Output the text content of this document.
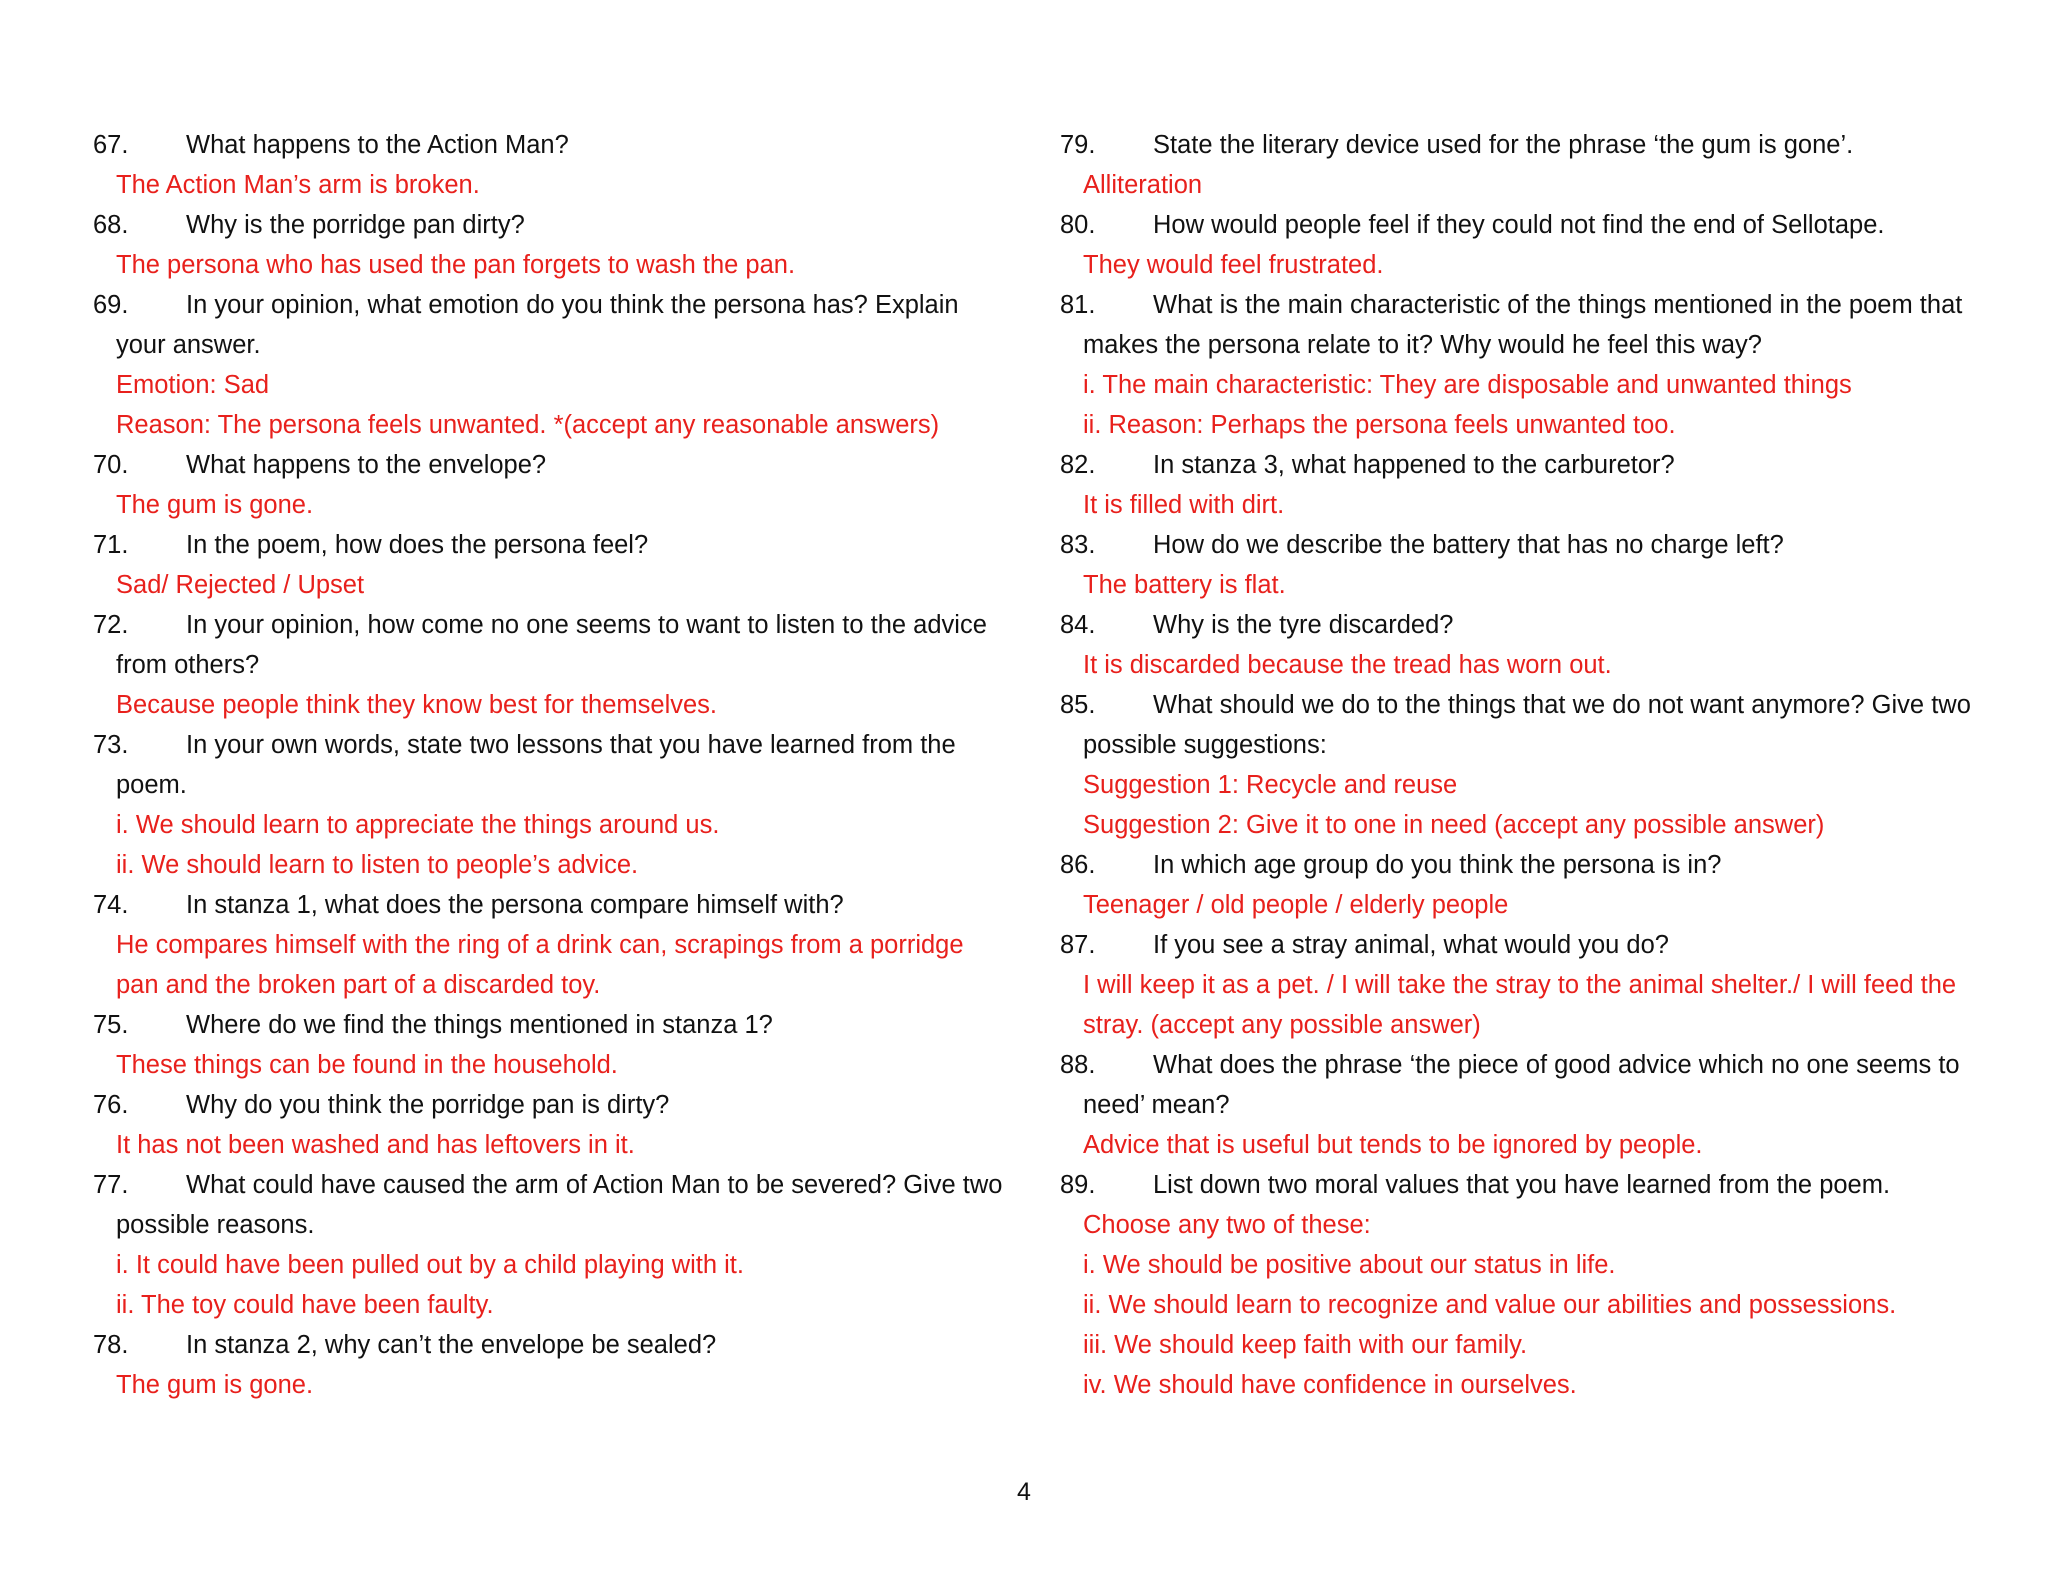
67.	What happens to the Action Man?
The Action Man’s arm is broken.
68.	Why is the porridge pan dirty?
The persona who has used the pan forgets to wash the pan.
69.	In your opinion, what emotion do you think the persona has? Explain your answer.
Emotion: Sad
Reason: The persona feels unwanted. *(accept any reasonable answers)
70.	What happens to the envelope?
The gum is gone.
71.	In the poem, how does the persona feel?
Sad/ Rejected / Upset
72.	In your opinion, how come no one seems to want to listen to the advice from others?
Because people think they know best for themselves.
73.	In your own words, state two lessons that you have learned from the poem.
i. We should learn to appreciate the things around us.
ii. We should learn to listen to people’s advice.
74.	In stanza 1, what does the persona compare himself with?
He compares himself with the ring of a drink can, scrapings from a porridge pan and the broken part of a discarded toy.
75.	Where do we find the things mentioned in stanza 1?
These things can be found in the household.
76.	Why do you think the porridge pan is dirty?
It has not been washed and has leftovers in it.
77.	What could have caused the arm of Action Man to be severed? Give two possible reasons.
i. It could have been pulled out by a child playing with it.
ii. The toy could have been faulty.
78.	In stanza 2, why can’t the envelope be sealed?
The gum is gone.
79.	State the literary device used for the phrase ‘the gum is gone’.
Alliteration
80.	How would people feel if they could not find the end of Sellotape.
They would feel frustrated.
81.	What is the main characteristic of the things mentioned in the poem that makes the persona relate to it? Why would he feel this way?
i. The main characteristic: They are disposable and unwanted things
ii. Reason: Perhaps the persona feels unwanted too.
82.	In stanza 3, what happened to the carburetor?
It is filled with dirt.
83.	How do we describe the battery that has no charge left?
The battery is flat.
84.	Why is the tyre discarded?
It is discarded because the tread has worn out.
85.	What should we do to the things that we do not want anymore? Give two possible suggestions:
Suggestion 1: Recycle and reuse
Suggestion 2: Give it to one in need (accept any possible answer)
86.	In which age group do you think the persona is in?
Teenager / old people / elderly people
87.	If you see a stray animal, what would you do?
I will keep it as a pet. / I will take the stray to the animal shelter./ I will feed the stray. (accept any possible answer)
88.	What does the phrase ‘the piece of good advice which no one seems to need’ mean?
Advice that is useful but tends to be ignored by people.
89.	List down two moral values that you have learned from the poem.
Choose any two of these:
i. We should be positive about our status in life.
ii. We should learn to recognize and value our abilities and possessions.
iii. We should keep faith with our family.
iv. We should have confidence in ourselves.
4
